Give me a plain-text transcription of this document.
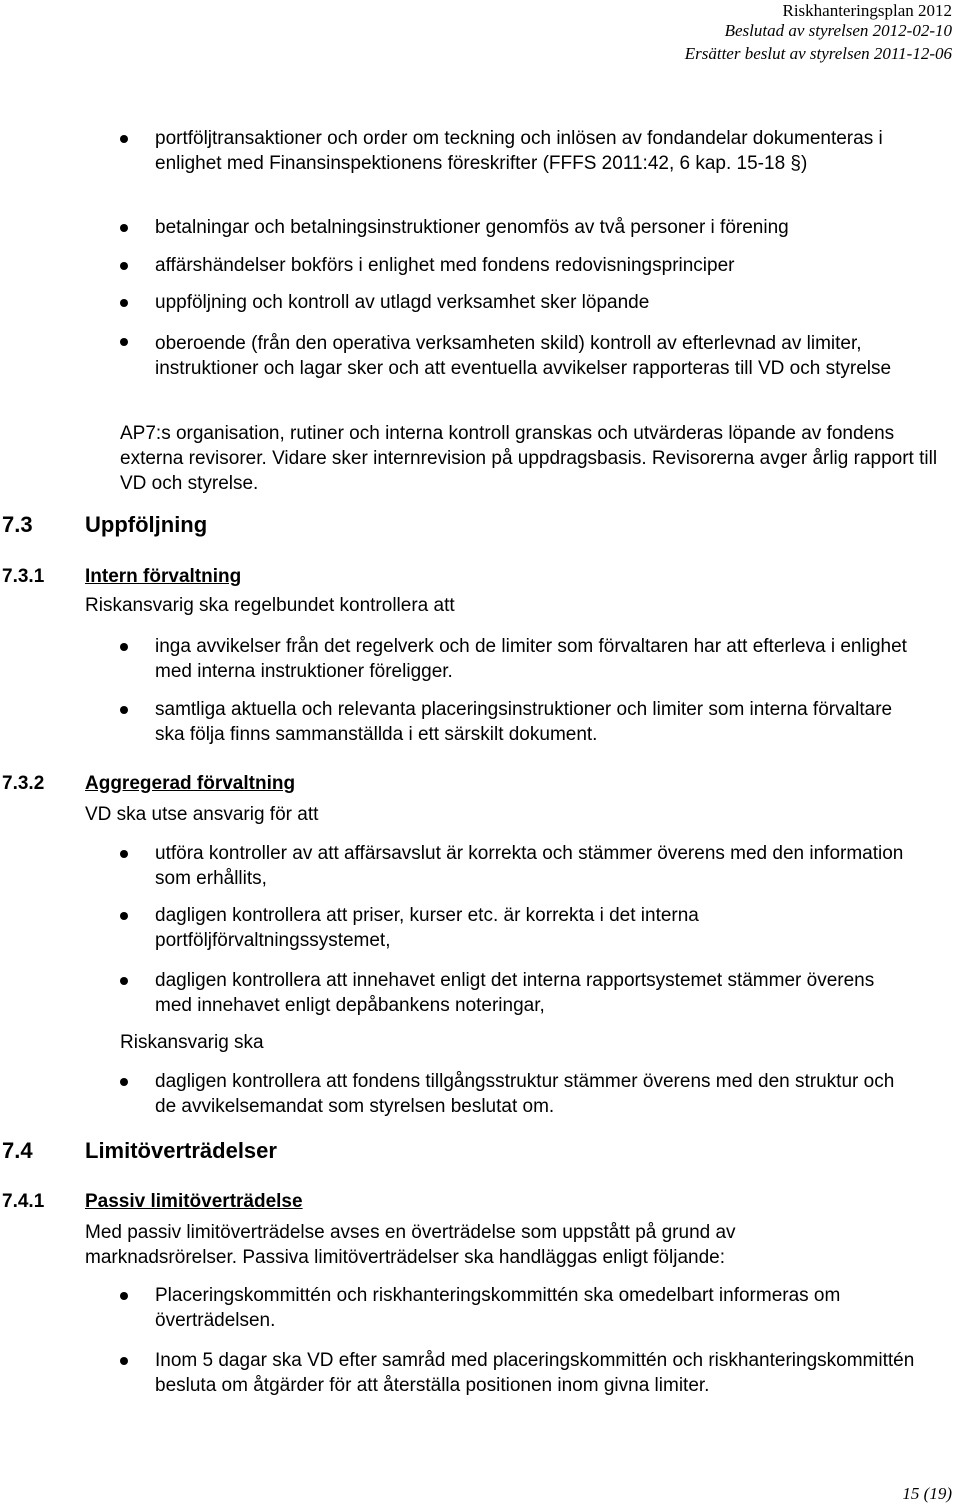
Riskhanteringsplan 2012
Beslutad av styrelsen 2012-02-10
Ersätter beslut av styrelsen 2011-12-06

portföljtransaktioner och order om teckning och inlösen av fondandelar dokumenteras i enlighet med Finansinspektionens föreskrifter (FFFS 2011:42, 6 kap. 15-18 §)

betalningar och betalningsinstruktioner genomfös av två personer i förening

affärshändelser bokförs i enlighet med fondens redovisningsprinciper

uppföljning och kontroll av utlagd verksamhet sker löpande

oberoende (från den operativa verksamheten skild) kontroll av efterlevnad av limiter, instruktioner och lagar sker och att eventuella avvikelser rapporteras till VD och styrelse

AP7:s organisation, rutiner och interna kontroll granskas och utvärderas löpande av fondens externa revisorer. Vidare sker internrevision på uppdragsbasis. Revisorerna avger årlig rapport till VD och styrelse.

7.3	Uppföljning
7.3.1	Intern förvaltning

Riskansvarig ska regelbundet kontrollera att

inga avvikelser från det regelverk och de limiter som förvaltaren har att efterleva i enlighet med interna instruktioner föreligger.

samtliga aktuella och relevanta placeringsinstruktioner och limiter som interna förvaltare ska följa finns sammanställda i ett särskilt dokument.

7.3.2	Aggregerad förvaltning

VD ska utse ansvarig för att

utföra kontroller av att affärsavslut är korrekta och stämmer överens med den information som erhållits,

dagligen kontrollera att priser, kurser etc. är korrekta i det interna portföljförvaltningssystemet,

dagligen kontrollera att innehavet enligt det interna rapportsystemet stämmer överens med innehavet enligt depåbankens noteringar,

Riskansvarig ska

dagligen kontrollera att fondens tillgångsstruktur stämmer överens med den struktur och de avvikelsemandat som styrelsen beslutat om.

7.4	Limitöverträdelser
7.4.1	Passiv limitöverträdelse

Med passiv limitöverträdelse avses en överträdelse som uppstått på grund av marknadsrörelser. Passiva limitöverträdelser ska handläggas enligt följande:

Placeringskommittén och riskhanteringskommittén ska omedelbart informeras om överträdelsen.

Inom 5 dagar ska VD efter samråd med placeringskommittén och riskhanteringskommittén besluta om åtgärder för att återställa positionen inom givna limiter.

15 (19)
